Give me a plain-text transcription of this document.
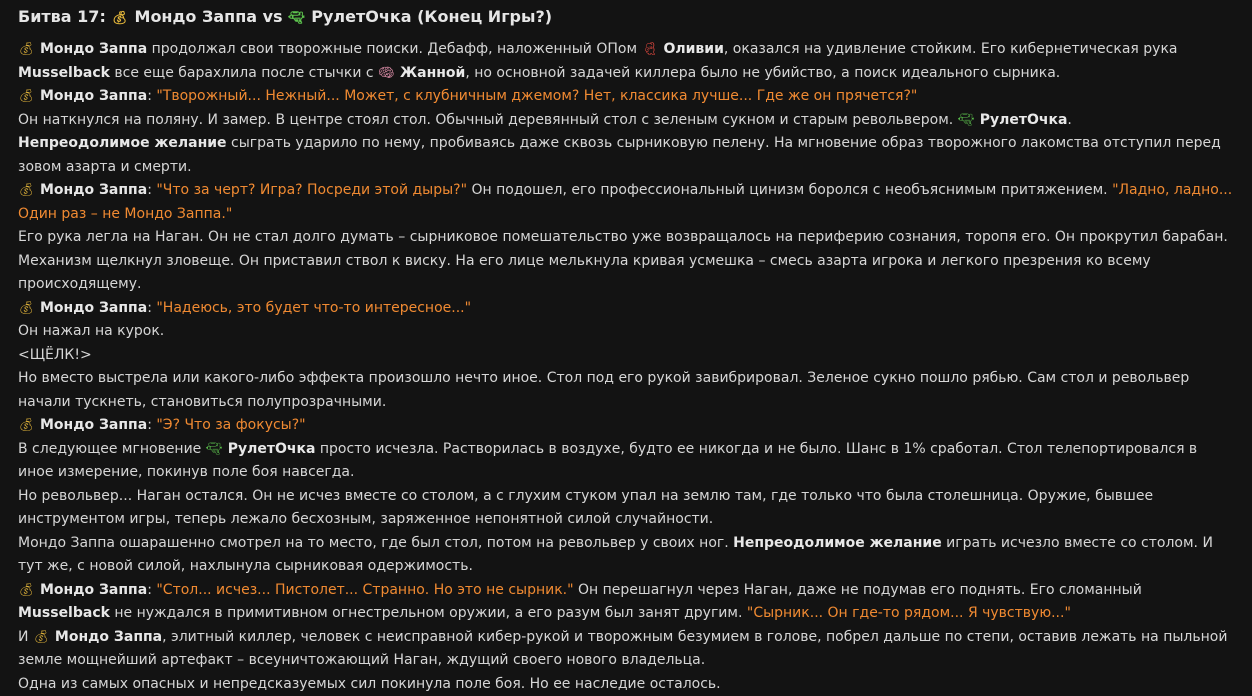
Битва 17: 💰︎ Мондо Заппа vs 🔫︎ РулетОчка (Конец Игры?)

💰︎ Мондо Заппа продолжал свои творожные поиски. Дебафф, наложенный ОПом 💃︎ Оливии, оказался на удивление стойким. Его кибернетическая рука Musselback все еще барахлила после стычки с 🧠︎ Жанной, но основной задачей киллера было не убийство, а поиск идеального сырника.

💰︎ Мондо Заппа: "Творожный... Нежный... Может, с клубничным джемом? Нет, классика лучше... Где же он прячется?"

Он наткнулся на поляну. И замер. В центре стоял стол. Обычный деревянный стол с зеленым сукном и старым револьвером. 🔫︎ РулетОчка.

Непреодолимое желание сыграть ударило по нему, пробиваясь даже сквозь сырниковую пелену. На мгновение образ творожного лакомства отступил перед зовом азарта и смерти.

💰︎ Мондо Заппа: "Что за черт? Игра? Посреди этой дыры?" Он подошел, его профессиональный цинизм боролся с необъяснимым притяжением. "Ладно, ладно... Один раз – не Мондо Заппа."

Его рука легла на Наган. Он не стал долго думать – сырниковое помешательство уже возвращалось на периферию сознания, торопя его. Он прокрутил барабан. Механизм щелкнул зловеще. Он приставил ствол к виску. На его лице мелькнула кривая усмешка – смесь азарта игрока и легкого презрения ко всему происходящему.

💰︎ Мондо Заппа: "Надеюсь, это будет что-то интересное..."

Он нажал на курок.

<ЩЁЛК!>

Но вместо выстрела или какого-либо эффекта произошло нечто иное. Стол под его рукой завибрировал. Зеленое сукно пошло рябью. Сам стол и револьвер начали тускнеть, становиться полупрозрачными.

💰︎ Мондо Заппа: "Э? Что за фокусы?"

В следующее мгновение 🔫︎ РулетОчка просто исчезла. Растворилась в воздухе, будто ее никогда и не было. Шанс в 1% сработал. Стол телепортировался в иное измерение, покинув поле боя навсегда.

Но револьвер... Наган остался. Он не исчез вместе со столом, а с глухим стуком упал на землю там, где только что была столешница. Оружие, бывшее инструментом игры, теперь лежало бесхозным, заряженное непонятной силой случайности.

Мондо Заппа ошарашенно смотрел на то место, где был стол, потом на револьвер у своих ног. Непреодолимое желание играть исчезло вместе со столом. И тут же, с новой силой, нахлынула сырниковая одержимость.

💰︎ Мондо Заппа: "Стол... исчез... Пистолет... Странно. Но это не сырник." Он перешагнул через Наган, даже не подумав его поднять. Его сломанный Musselback не нуждался в примитивном огнестрельном оружии, а его разум был занят другим. "Сырник... Он где-то рядом... Я чувствую..."

И 💰︎ Мондо Заппа, элитный киллер, человек с неисправной кибер-рукой и творожным безумием в голове, побрел дальше по степи, оставив лежать на пыльной земле мощнейший артефакт – всеуничтожающий Наган, ждущий своего нового владельца.

Одна из самых опасных и непредсказуемых сил покинула поле боя. Но ее наследие осталось.
